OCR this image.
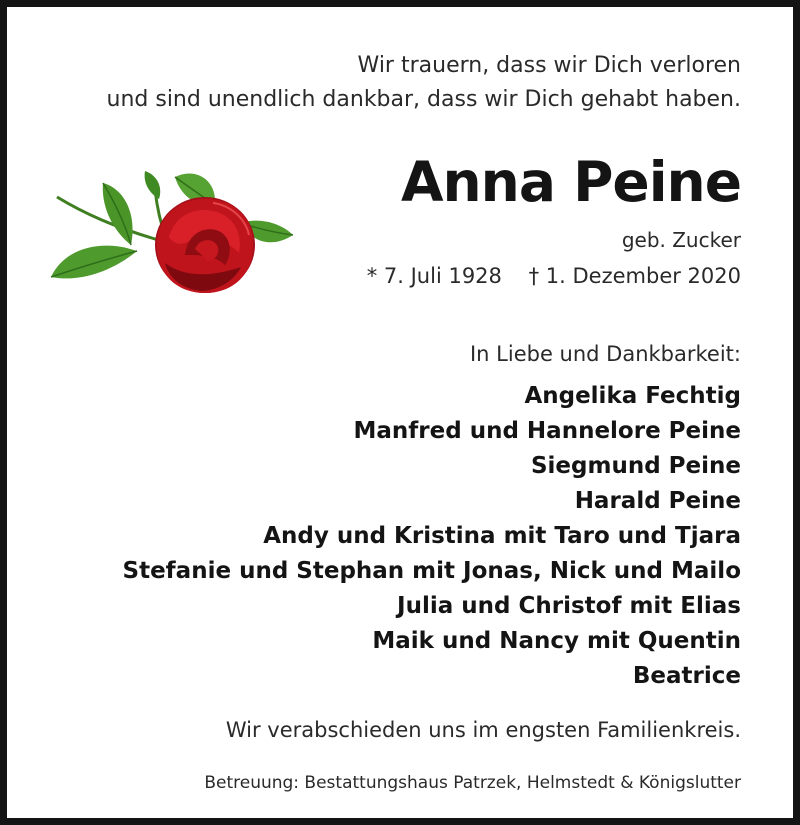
Wir trauern, dass wir Dich verloren
und sind unendlich dankbar, dass wir Dich gehabt haben.
Anna Peine
geb. Zucker
* 7. Juli 1928 † 1. Dezember 2020
In Liebe und Dankbarkeit:
Angelika Fechtig
Manfred und Hannelore Peine
Siegmund Peine
Harald Peine
Andy und Kristina mit Taro und Tjara
Stefanie und Stephan mit Jonas, Nick und Mailo
Julia und Christof mit Elias
Maik und Nancy mit Quentin
Beatrice
Wir verabschieden uns im engsten Familienkreis.
Betreuung: Bestattungshaus Patrzek, Helmstedt & Königslutter
